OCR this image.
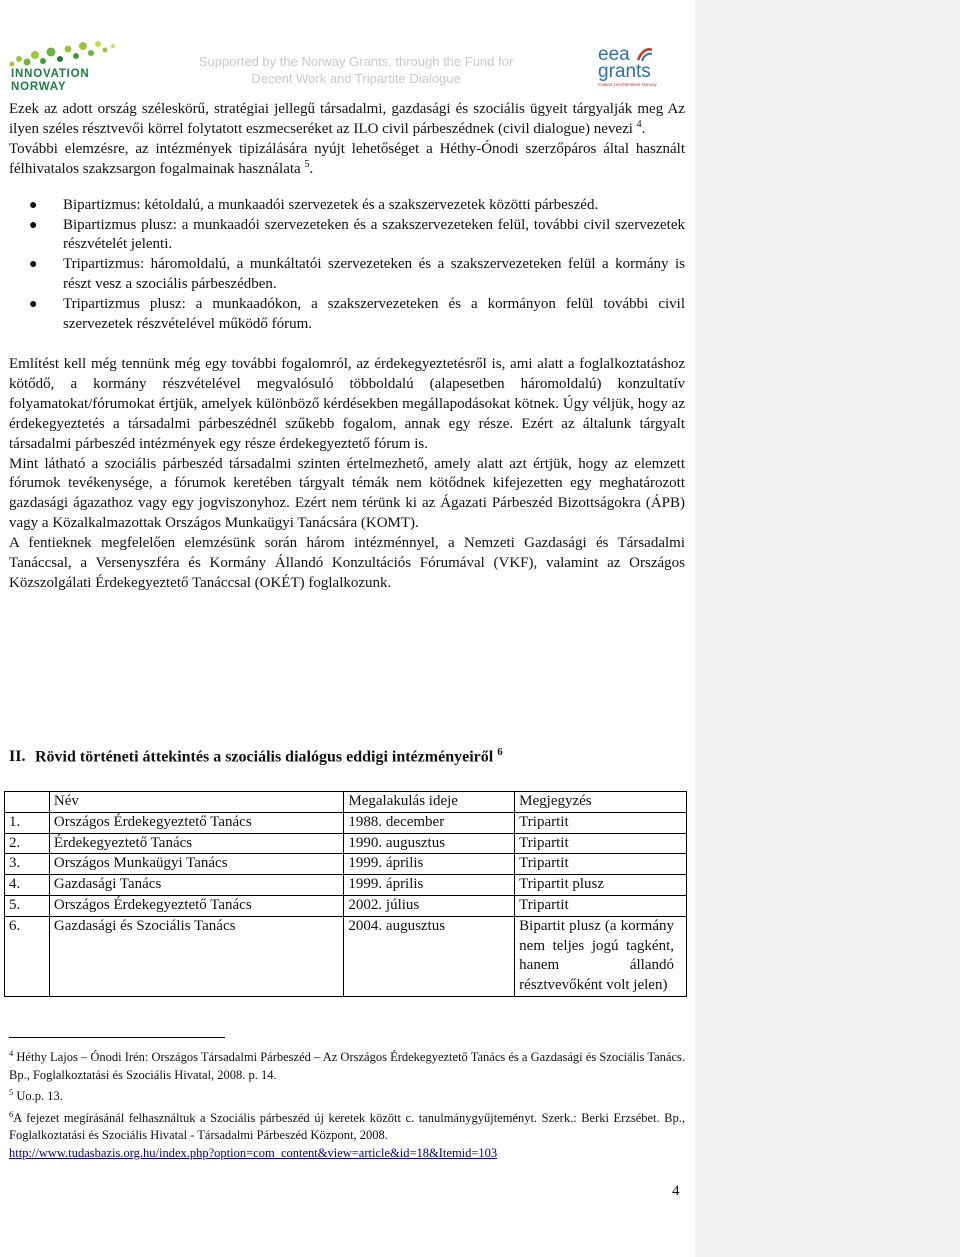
INNOVATION
NORWAY
Supported by the Norway Grants, through the Fund for
Decent Work and Tripartite Dialogue
eea
grants
Iceland Liechtenstein Norway

Ezek az adott ország széleskörű, stratégiai jellegű társadalmi, gazdasági és szociális ügyeit tárgyalják meg Az ilyen széles résztvevői körrel folytatott eszmecseréket az ILO civil párbeszédnek (civil dialogue) nevezi $^4$.

További elemzésre, az intézmények tipizálására nyújt lehetőséget a Héthy-Ónodi szerzőpáros által használt félhivatalos szakzsargon fogalmainak használata $^5$.

● Bipartizmus: kétoldalú, a munkaadói szervezetek és a szakszervezetek közötti párbeszéd.
● Bipartizmus plusz: a munkaadói szervezeteken és a szakszervezeteken felül, további civil szervezetek részvételét jelenti.
● Tripartizmus: háromoldalú, a munkáltatói szervezeteken és a szakszervezeteken felül a kormány is részt vesz a szociális párbeszédben.
● Tripartizmus plusz: a munkaadókon, a szakszervezeteken és a kormányon felül további civil szervezetek részvételével működő fórum.

Említést kell még tennünk még egy további fogalomról, az érdekegyeztetésről is, ami alatt a foglalkoztatáshoz kötődő, a kormány részvételével megvalósuló többoldalú (alapesetben háromoldalú) konzultatív folyamatokat/fórumokat értjük, amelyek különböző kérdésekben megállapodásokat kötnek. Úgy véljük, hogy az érdekegyeztetés a társadalmi párbeszédnél szűkebb fogalom, annak egy része. Ezért az általunk tárgyalt társadalmi párbeszéd intézmények egy része érdekegyeztető fórum is.

Mint látható a szociális párbeszéd társadalmi szinten értelmezhető, amely alatt azt értjük, hogy az elemzett fórumok tevékenysége, a fórumok keretében tárgyalt témák nem kötődnek kifejezetten egy meghatározott gazdasági ágazathoz vagy egy jogviszonyhoz. Ezért nem térünk ki az Ágazati Párbeszéd Bizottságokra (ÁPB) vagy a Közalkalmazottak Országos Munkaügyi Tanácsára (KOMT).

A fentieknek megfelelően elemzésünk során három intézménnyel, a Nemzeti Gazdasági és Társadalmi Tanáccsal, a Versenyszféra és Kormány Állandó Konzultációs Fórumával (VKF), valamint az Országos Közszolgálati Érdekegyeztető Tanáccsal (OKÉT) foglalkozunk.

II. Rövid történeti áttekintés a szociális dialógus eddigi intézményeiről $^6$
	Név	Megalakulás ideje	Megjegyzés
1.	Országos Érdekegyeztető Tanács	1988. december	Tripartit
2.	Érdekegyeztető Tanács	1990. augusztus	Tripartit
3.	Országos Munkaügyi Tanács	1999. április	Tripartit
4.	Gazdasági Tanács	1999. április	Tripartit plusz
5.	Országos Érdekegyeztető Tanács	2002. július	Tripartit
6.	Gazdasági és Szociális Tanács	2004. augusztus	Bipartit plusz (a kormány nem teljes jogú tagként, hanem állandó résztvevőként volt jelen)

$^4$ Héthy Lajos – Ónodi Irén: Országos Társadalmi Párbeszéd – Az Országos Érdekegyeztető Tanács és a Gazdasági és Szociális Tanács. Bp., Foglalkoztatási és Szociális Hivatal, 2008. p. 14.

$^5$ Uo.p. 13.

$^6$A fejezet megírásánál felhasználtuk a Szociális párbeszéd új keretek között c. tanulmánygyűjteményt. Szerk.: Berki Erzsébet. Bp., Foglalkoztatási és Szociális Hivatal - Társadalmi Párbeszéd Központ, 2008.
http://www.tudasbazis.org.hu/index.php?option=com_content&view=article&id=18&Itemid=103

4
